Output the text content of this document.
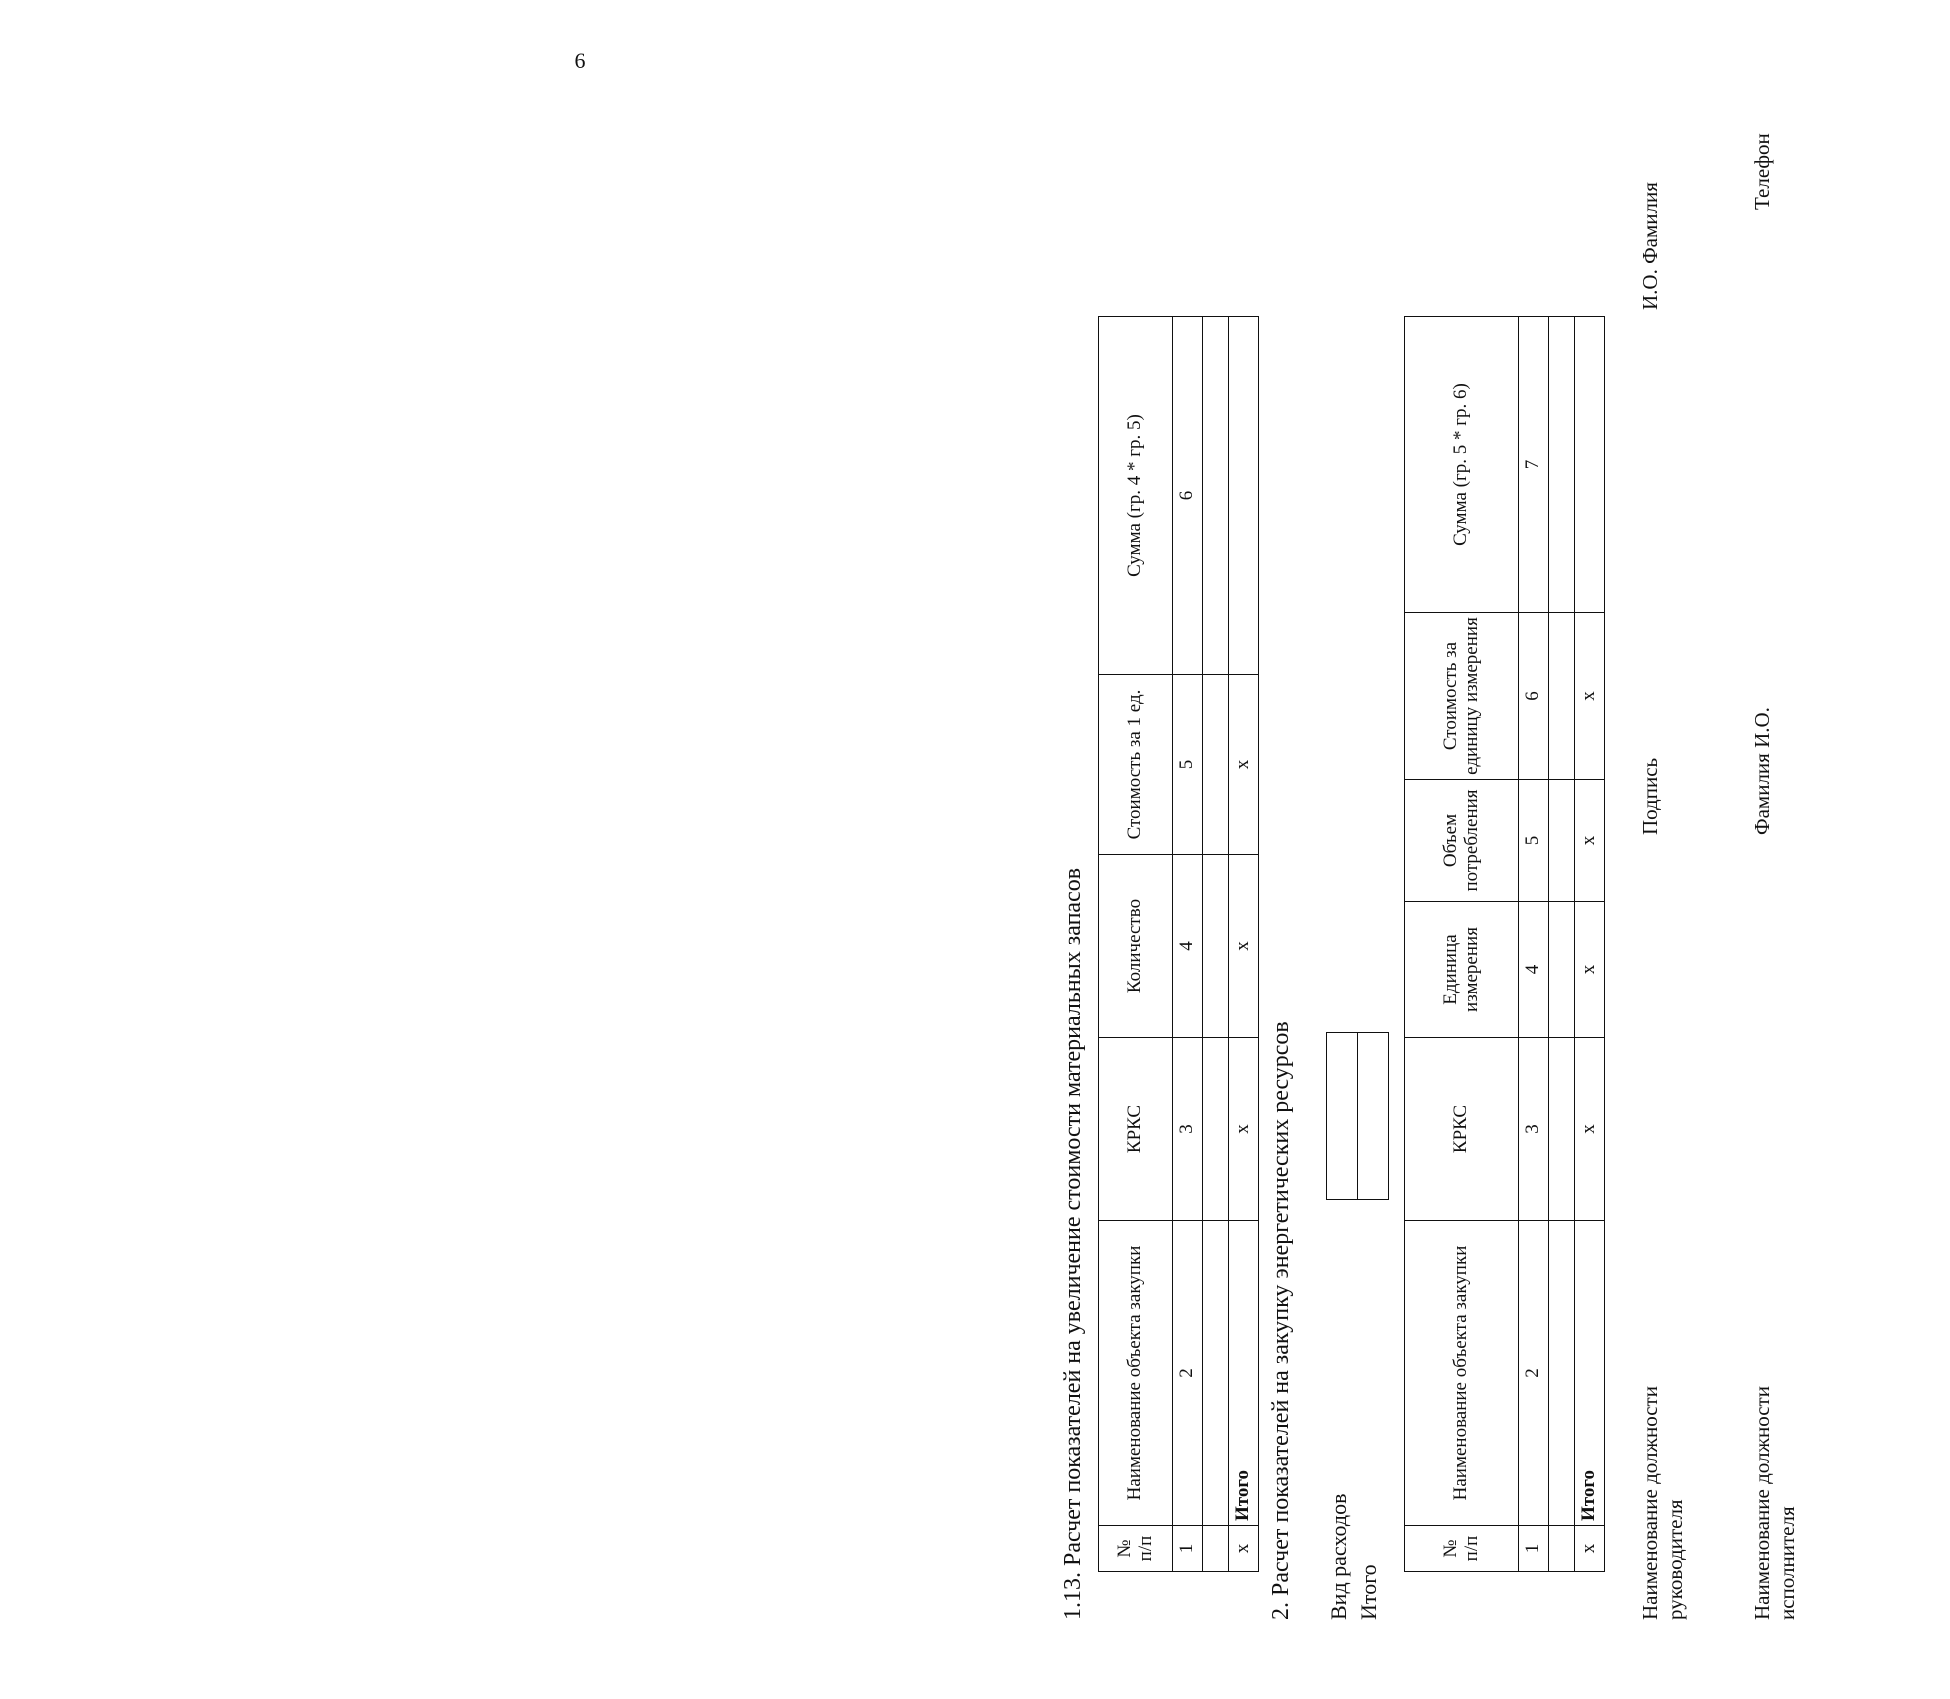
6
1.13. Расчет показателей на увеличение стоимости материальных запасов № п/п	Наименование объекта закупки	КРКС	Количество	Стоимость за 1 ед.	Сумма (гр. 4 * гр. 5)
1	2	3	4	5	6

х	Итого	х	х	х	
2. Расчет показателей на закупку энергетических ресурсов Вид расходов Итого

№ п/п	Наименование объекта закупки	КРКС	Единица измерения	Объем потребления	Стоимость за единицу измерения	Сумма (гр. 5 * гр. 6)
1	2	3	4	5	6	7

х	Итого	х	х	х	х	
Наименование должности руководителя
Подпись
И.О. Фамилия
Наименование должности исполнителя
Фамилия И.О.
Телефон
